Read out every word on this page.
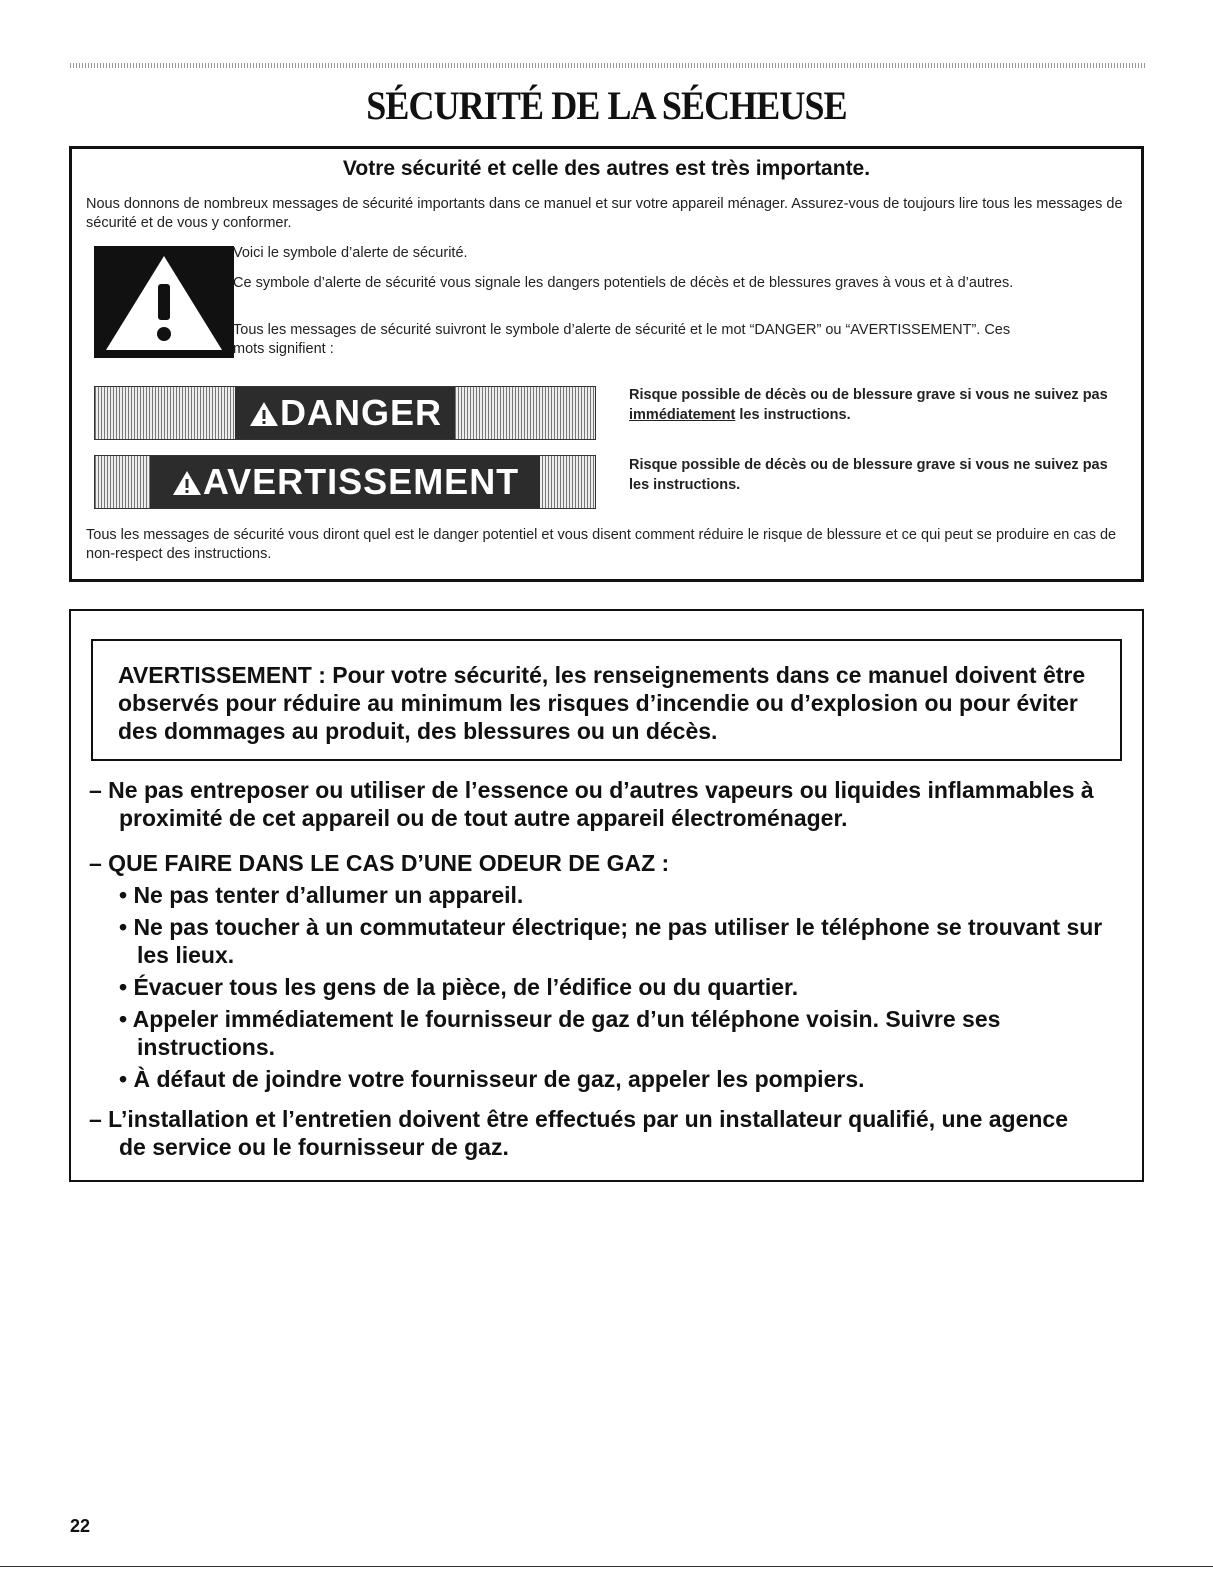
SÉCURITÉ DE LA SÉCHEUSE
Votre sécurité et celle des autres est très importante.

Nous donnons de nombreux messages de sécurité importants dans ce manuel et sur votre appareil ménager. Assurez-vous de toujours lire tous les messages de sécurité et de vous y conformer.

Voici le symbole d’alerte de sécurité.

Ce symbole d’alerte de sécurité vous signale les dangers potentiels de décès et de blessures graves à vous et à d’autres.

Tous les messages de sécurité suivront le symbole d’alerte de sécurité et le mot “DANGER” ou “AVERTISSEMENT”. Ces mots signifient :

DANGER	Risque possible de décès ou de blessure grave si vous ne suivez pas immédiatement les instructions.

AVERTISSEMENT	Risque possible de décès ou de blessure grave si vous ne suivez pas les instructions.

Tous les messages de sécurité vous diront quel est le danger potentiel et vous disent comment réduire le risque de blessure et ce qui peut se produire en cas de non-respect des instructions.

AVERTISSEMENT : Pour votre sécurité, les renseignements dans ce manuel doivent être observés pour réduire au minimum les risques d’incendie ou d’explosion ou pour éviter des dommages au produit, des blessures ou un décès.

– Ne pas entreposer ou utiliser de l’essence ou d’autres vapeurs ou liquides inflammables à proximité de cet appareil ou de tout autre appareil électroménager.

– QUE FAIRE DANS LE CAS D’UNE ODEUR DE GAZ :

• Ne pas tenter d’allumer un appareil.

• Ne pas toucher à un commutateur électrique; ne pas utiliser le téléphone se trouvant sur les lieux.

• Évacuer tous les gens de la pièce, de l’édifice ou du quartier.

• Appeler immédiatement le fournisseur de gaz d’un téléphone voisin. Suivre ses instructions.

• À défaut de joindre votre fournisseur de gaz, appeler les pompiers.

– L’installation et l’entretien doivent être effectués par un installateur qualifié, une agence de service ou le fournisseur de gaz.

22
